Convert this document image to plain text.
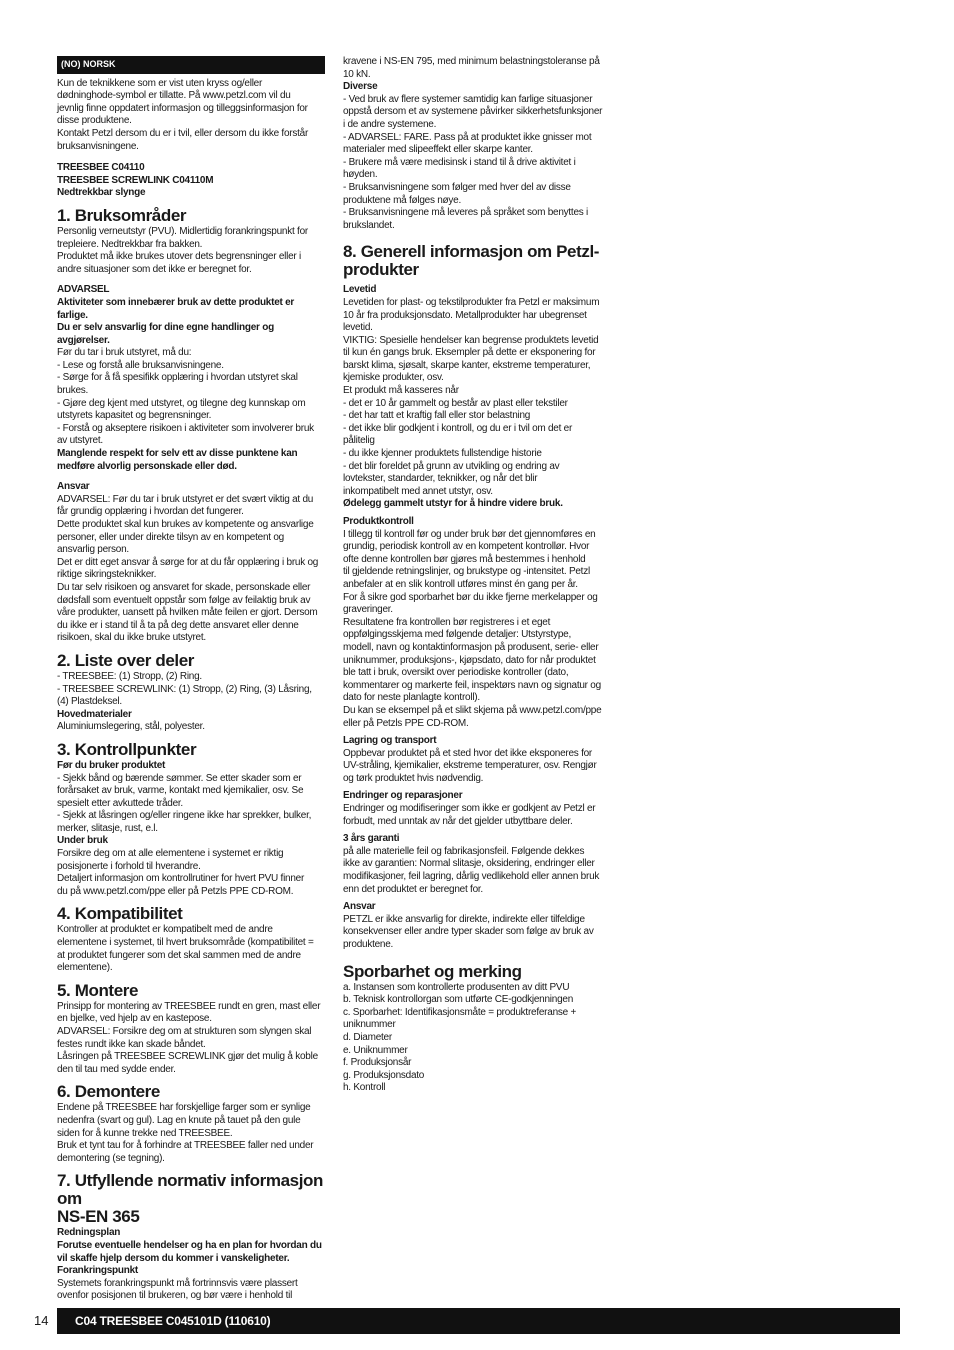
(NO) NORSK

Kun de teknikkene som er vist uten kryss og/eller
dødninghode-symbol er tillatte. På www.petzl.com vil du
jevnlig finne oppdatert informasjon og tilleggsinformasjon for
disse produktene.
Kontakt Petzl dersom du er i tvil, eller dersom du ikke forstår
bruksanvisningene.

TREESBEE C04110

TREESBEE SCREWLINK C04110M

Nedtrekkbar slynge

1. Bruksområder

Personlig verneutstyr (PVU). Midlertidig forankringspunkt for
trepleiere. Nedtrekkbar fra bakken.
Produktet må ikke brukes utover dets begrensninger eller i
andre situasjoner som det ikke er beregnet for.

ADVARSEL

Aktiviteter som innebærer bruk av dette produktet er farlige.
Du er selv ansvarlig for dine egne handlinger og
avgjørelser.

Før du tar i bruk utstyret, må du:
- Lese og forstå alle bruksanvisningene.
- Sørge for å få spesifikk opplæring i hvordan utstyret skal
brukes.
- Gjøre deg kjent med utstyret, og tilegne deg kunnskap om
utstyrets kapasitet og begrensninger.
- Forstå og akseptere risikoen i aktiviteter som involverer bruk
av utstyret.

Manglende respekt for selv ett av disse punktene kan
medføre alvorlig personskade eller død.

Ansvar

ADVARSEL: Før du tar i bruk utstyret er det svært viktig at du
får grundig opplæring i hvordan det fungerer.
Dette produktet skal kun brukes av kompetente og ansvarlige
personer, eller under direkte tilsyn av en kompetent og
ansvarlig person.
Det er ditt eget ansvar å sørge for at du får opplæring i bruk og
riktige sikringsteknikker.
Du tar selv risikoen og ansvaret for skade, personskade eller
dødsfall som eventuelt oppstår som følge av feilaktig bruk av
våre produkter, uansett på hvilken måte feilen er gjort. Dersom
du ikke er i stand til å ta på deg dette ansvaret eller denne
risikoen, skal du ikke bruke utstyret.

2. Liste over deler

- TREESBEE: (1) Stropp, (2) Ring.
- TREESBEE SCREWLINK: (1) Stropp, (2) Ring, (3) Låsring,
(4) Plastdeksel.

Hovedmaterialer

Aluminiumslegering, stål, polyester.

3. Kontrollpunkter

Før du bruker produktet

- Sjekk bånd og bærende sømmer. Se etter skader som er
forårsaket av bruk, varme, kontakt med kjemikalier, osv. Se
spesielt etter avkuttede tråder.
- Sjekk at låsringen og/eller ringene ikke har sprekker, bulker,
merker, slitasje, rust, e.l.

Under bruk

Forsikre deg om at alle elementene i systemet er riktig
posisjonerte i forhold til hverandre.
Detaljert informasjon om kontrollrutiner for hvert PVU finner
du på www.petzl.com/ppe eller på Petzls PPE CD-ROM.

4. Kompatibilitet

Kontroller at produktet er kompatibelt med de andre
elementene i systemet, til hvert bruksområde (kompatibilitet =
at produktet fungerer som det skal sammen med de andre
elementene).

5. Montere

Prinsipp for montering av TREESBEE rundt en gren, mast eller
en bjelke, ved hjelp av en kastepose.
ADVARSEL: Forsikre deg om at strukturen som slyngen skal
festes rundt ikke kan skade båndet.
Låsringen på TREESBEE SCREWLINK gjør det mulig å koble
den til tau med sydde ender.

6. Demontere

Endene på TREESBEE har forskjellige farger som er synlige
nedenfra (svart og gul). Lag en knute på tauet på den gule
siden for å kunne trekke ned TREESBEE.
Bruk et tynt tau for å forhindre at TREESBEE faller ned under
demontering (se tegning).

7. Utfyllende normativ informasjon om
NS-EN 365

Redningsplan

Forutse eventuelle hendelser og ha en plan for hvordan du
vil skaffe hjelp dersom du kommer i vanskeligheter.

Forankringspunkt

Systemets forankringspunkt må fortrinnsvis være plassert
ovenfor posisjonen til brukeren, og bør være i henhold til

kravene i NS-EN 795, med minimum belastningstoleranse på
10 kN.

Diverse

- Ved bruk av flere systemer samtidig kan farlige situasjoner
oppstå dersom et av systemene påvirker sikkerhetsfunksjoner
i de andre systemene.
- ADVARSEL: FARE. Pass på at produktet ikke gnisser mot
materialer med slipeeffekt eller skarpe kanter.
- Brukere må være medisinsk i stand til å drive aktivitet i
høyden.
- Bruksanvisningene som følger med hver del av disse
produktene må følges nøye.
- Bruksanvisningene må leveres på språket som benyttes i
brukslandet.

8. Generell informasjon om Petzl-
produkter

Levetid

Levetiden for plast- og tekstilprodukter fra Petzl er maksimum
10 år fra produksjonsdato. Metallprodukter har ubegrenset
levetid.
VIKTIG: Spesielle hendelser kan begrense produktets levetid
til kun én gangs bruk. Eksempler på dette er eksponering for
barskt klima, sjøsalt, skarpe kanter, ekstreme temperaturer,
kjemiske produkter, osv.
Et produkt må kasseres når
- det er 10 år gammelt og består av plast eller tekstiler
- det har tatt et kraftig fall eller stor belastning
- det ikke blir godkjent i kontroll, og du er i tvil om det er
pålitelig
- du ikke kjenner produktets fullstendige historie
- det blir foreldet på grunn av utvikling og endring av
lovtekster, standarder, teknikker, og når det blir
inkompatibelt med annet utstyr, osv.

Ødelegg gammelt utstyr for å hindre videre bruk.

Produktkontroll

I tillegg til kontroll før og under bruk bør det gjennomføres en
grundig, periodisk kontroll av en kompetent kontrollør. Hvor
ofte denne kontrollen bør gjøres må bestemmes i henhold
til gjeldende retningslinjer, og brukstype og -intensitet. Petzl
anbefaler at en slik kontroll utføres minst én gang per år.
For å sikre god sporbarhet bør du ikke fjerne merkelapper og
graveringer.
Resultatene fra kontrollen bør registreres i et eget
oppfølgingsskjema med følgende detaljer: Utstyrstype,
modell, navn og kontaktinformasjon på produsent, serie- eller
uniknummer, produksjons-, kjøpsdato, dato for når produktet
ble tatt i bruk, oversikt over periodiske kontroller (dato,
kommentarer og markerte feil, inspektørs navn og signatur og
dato for neste planlagte kontroll).
Du kan se eksempel på et slikt skjema på www.petzl.com/ppe
eller på Petzls PPE CD-ROM.

Lagring og transport

Oppbevar produktet på et sted hvor det ikke eksponeres for
UV-stråling, kjemikalier, ekstreme temperaturer, osv. Rengjør
og tørk produktet hvis nødvendig.

Endringer og reparasjoner

Endringer og modifiseringer som ikke er godkjent av Petzl er
forbudt, med unntak av når det gjelder utbyttbare deler.

3 års garanti

på alle materielle feil og fabrikasjonsfeil. Følgende dekkes
ikke av garantien: Normal slitasje, oksidering, endringer eller
modifikasjoner, feil lagring, dårlig vedlikehold eller annen bruk
enn det produktet er beregnet for.

Ansvar

PETZL er ikke ansvarlig for direkte, indirekte eller tilfeldige
konsekvenser eller andre typer skader som følge av bruk av
produktene.

Sporbarhet og merking

a. Instansen som kontrollerte produsenten av ditt PVU
b. Teknisk kontrollorgan som utførte CE-godkjenningen
c. Sporbarhet: Identifikasjonsmåte = produktreferanse +
uniknummer
d. Diameter
e. Uniknummer
f. Produksjonsår
g. Produksjonsdato
h. Kontroll

14	C04 TREESBEE C045101D (110610)
